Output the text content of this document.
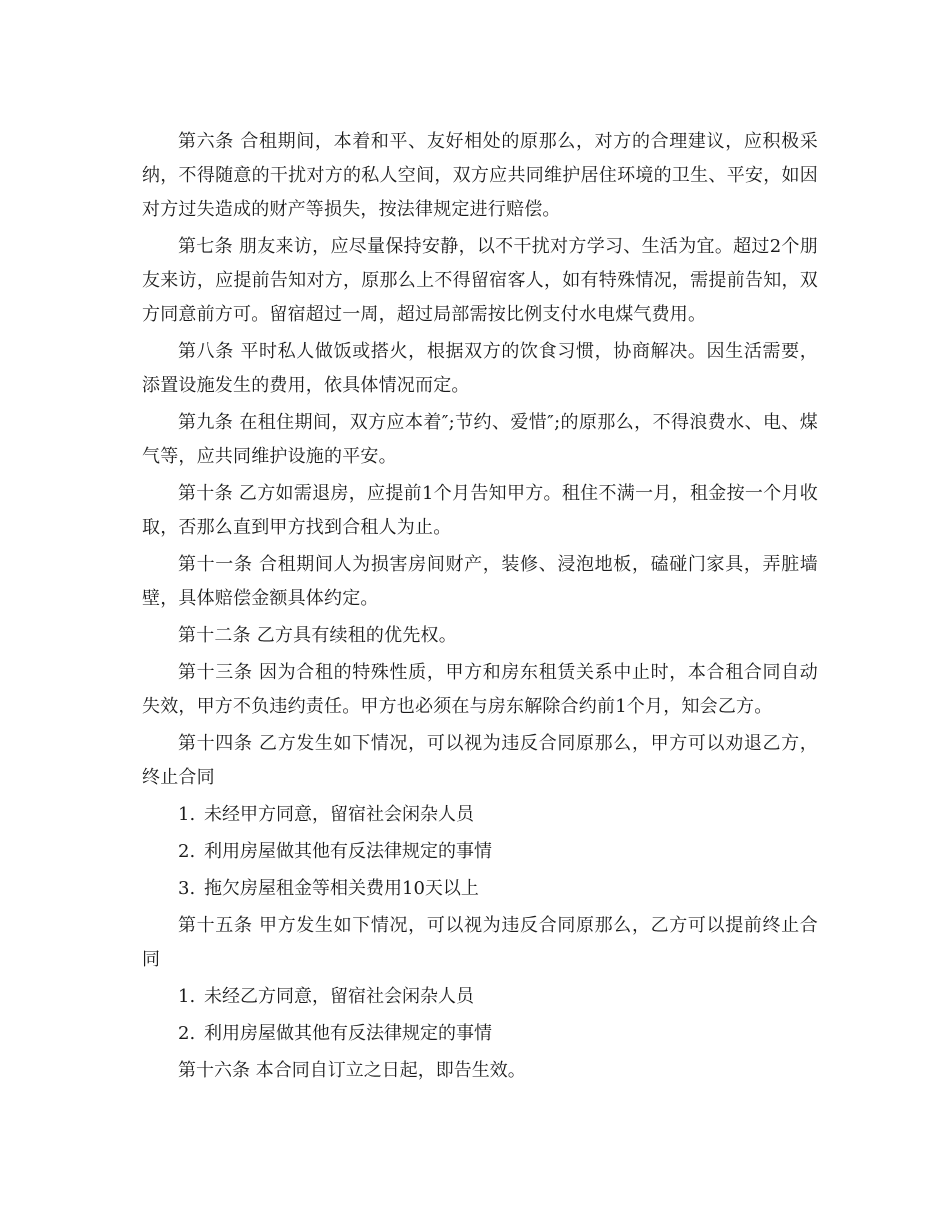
第六条 合租期间，本着和平、友好相处的原那么，对方的合理建议，应积极采纳，不得随意的干扰对方的私人空间，双方应共同维护居住环境的卫生、平安，如因对方过失造成的财产等损失，按法律规定进行赔偿。

第七条 朋友来访，应尽量保持安静，以不干扰对方学习、生活为宜。超过2个朋友来访，应提前告知对方，原那么上不得留宿客人，如有特殊情况，需提前告知，双方同意前方可。留宿超过一周，超过局部需按比例支付水电煤气费用。

第八条 平时私人做饭或搭火，根据双方的饮食习惯，协商解决。因生活需要，添置设施发生的费用，依具体情况而定。

第九条 在租住期间，双方应本着″;节约、爱惜″;的原那么，不得浪费水、电、煤气等，应共同维护设施的平安。

第十条 乙方如需退房，应提前1个月告知甲方。租住不满一月，租金按一个月收取，否那么直到甲方找到合租人为止。

第十一条 合租期间人为损害房间财产，装修、浸泡地板，磕碰门家具，弄脏墙壁，具体赔偿金额具体约定。

第十二条 乙方具有续租的优先权。

第十三条 因为合租的特殊性质，甲方和房东租赁关系中止时，本合租合同自动失效，甲方不负违约责任。甲方也必须在与房东解除合约前1个月，知会乙方。

第十四条 乙方发生如下情况，可以视为违反合同原那么，甲方可以劝退乙方，终止合同

1. 未经甲方同意，留宿社会闲杂人员

2. 利用房屋做其他有反法律规定的事情

3. 拖欠房屋租金等相关费用10天以上

第十五条 甲方发生如下情况，可以视为违反合同原那么，乙方可以提前终止合同

1. 未经乙方同意，留宿社会闲杂人员

2. 利用房屋做其他有反法律规定的事情

第十六条 本合同自订立之日起，即告生效。
